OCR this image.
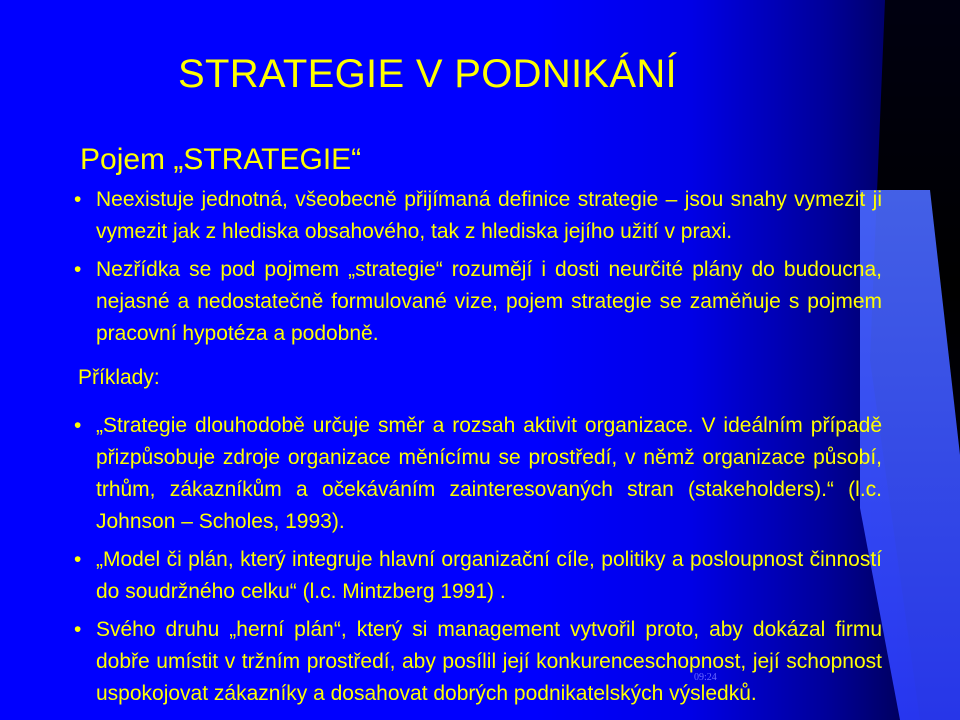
STRATEGIE V PODNIKÁNÍ
Pojem „STRATEGIE“
• Neexistuje jednotná, všeobecně přijímaná definice strategie – jsou snahy vymezit ji vymezit jak z hlediska obsahového, tak z hlediska jejího užití v praxi.
• Nezřídka se pod pojmem „strategie“ rozumějí i dosti neurčité plány do budoucna, nejasné a nedostatečně formulované vize, pojem strategie se zaměňuje s pojmem pracovní hypotéza a podobně.
Příklady:
• „Strategie dlouhodobě určuje směr a rozsah aktivit organizace. V ideálním případě přizpůsobuje zdroje organizace měnícímu se prostředí, v němž organizace působí, trhům, zákazníkům a očekáváním zainteresovaných stran (stakeholders).“ (l.c. Johnson – Scholes, 1993).
• „Model či plán, který integruje hlavní organizační cíle, politiky a posloupnost činností do soudržného celku“ (l.c. Mintzberg 1991) .
• Svého druhu „herní plán“, který si management vytvořil proto, aby dokázal firmu dobře umístit v tržním prostředí, aby posílil její konkurenceschopnost, její schopnost uspokojovat zákazníky a dosahovat dobrých podnikatelských výsledků.
09:24
